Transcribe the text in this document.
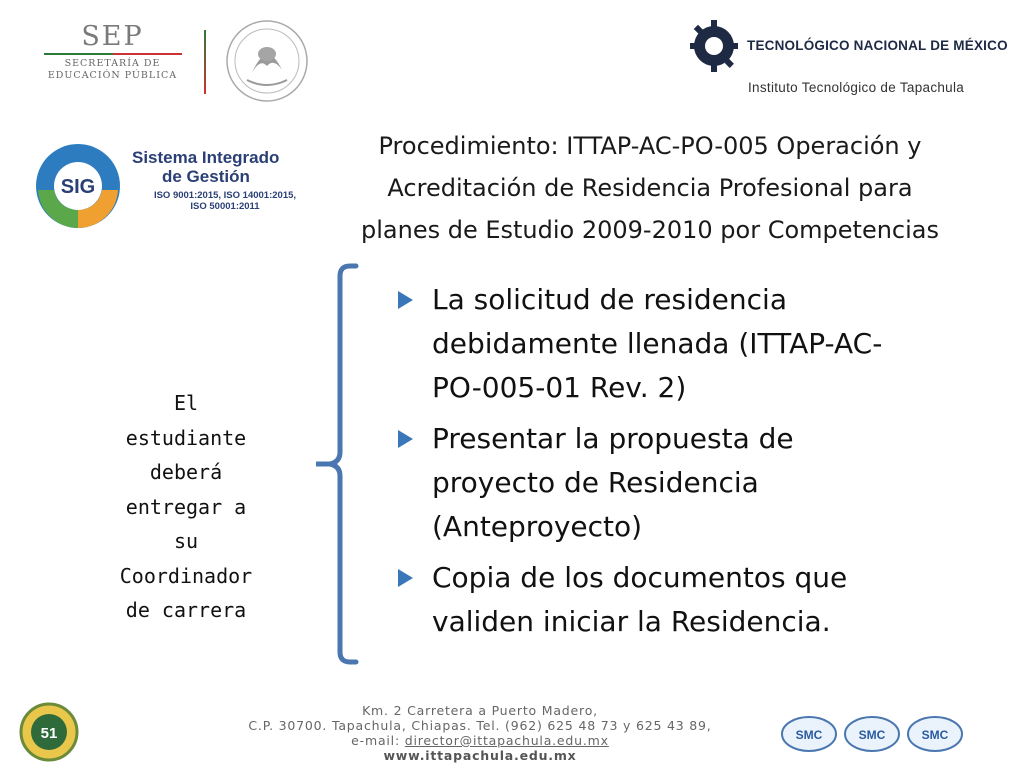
SEP
SECRETARÍA DE
EDUCACIÓN PÚBLICA
TECNOLÓGICO NACIONAL DE MÉXICO
Instituto Tecnológico de Tapachula
SIG
Sistema Integrado
de Gestión
ISO 9001:2015, ISO 14001:2015,
ISO 50001:2011
Procedimiento: ITTAP-AC-PO-005 Operación y
Acreditación de Residencia Profesional para
planes de Estudio 2009-2010 por Competencias
El
estudiante
deberá
entregar a
su
Coordinador
de carrera
La solicitud de residencia
debidamente llenada (ITTAP-AC-
PO-005-01 Rev. 2)
Presentar la propuesta de
proyecto de Residencia
(Anteproyecto)
Copia de los documentos que
validen iniciar la Residencia.
51
Km. 2 Carretera a Puerto Madero,
C.P. 30700. Tapachula, Chiapas. Tel. (962) 625 48 73 y 625 43 89,
e-mail: director@ittapachula.edu.mx
www.ittapachula.edu.mx
SMC	SMC	SMC
